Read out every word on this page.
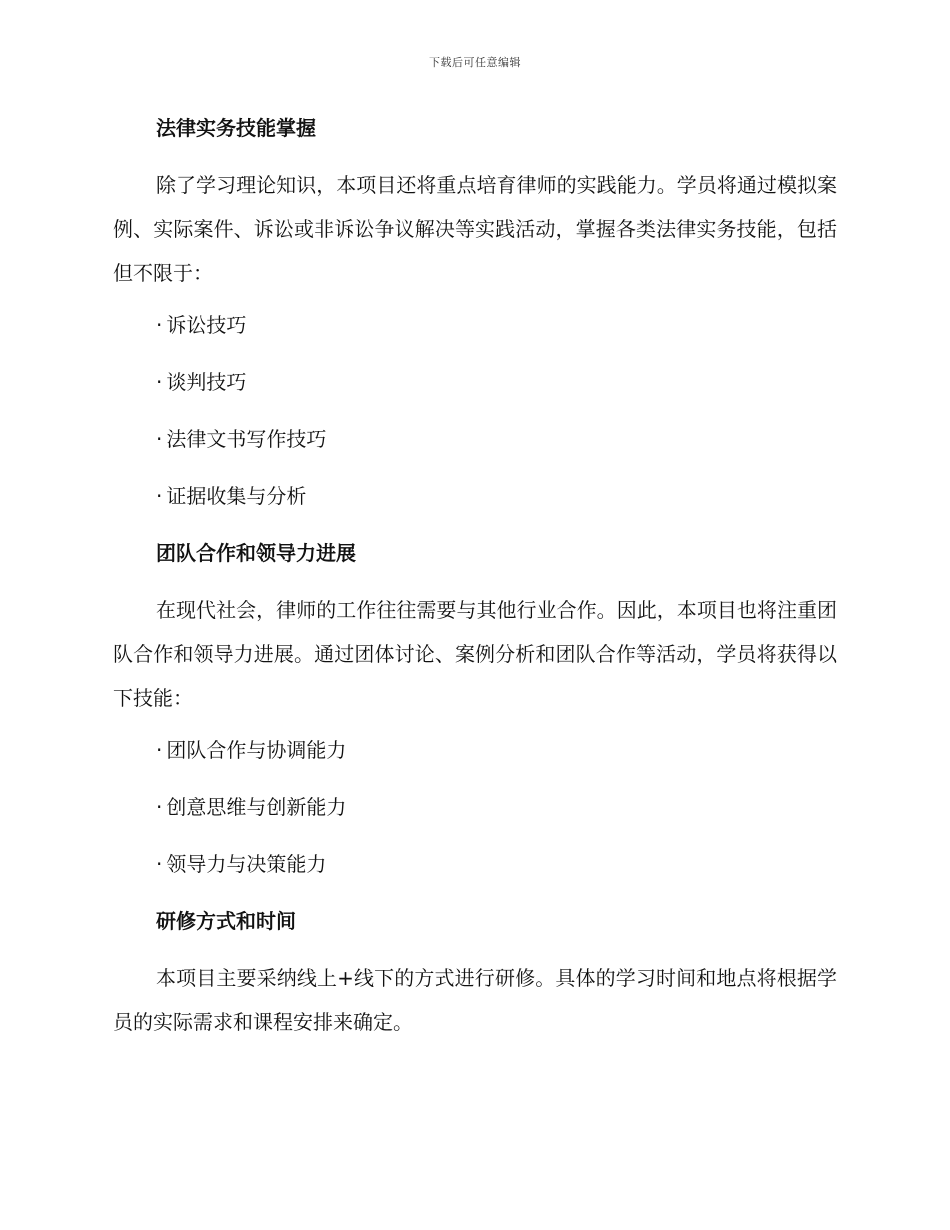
下载后可任意编辑
法律实务技能掌握
除了学习理论知识，本项目还将重点培育律师的实践能力。学员将通过模拟案例、实际案件、诉讼或非诉讼争议解决等实践活动，掌握各类法律实务技能，包括但不限于：
· 诉讼技巧
· 谈判技巧
· 法律文书写作技巧
· 证据收集与分析
团队合作和领导力进展
在现代社会，律师的工作往往需要与其他行业合作。因此，本项目也将注重团队合作和领导力进展。通过团体讨论、案例分析和团队合作等活动，学员将获得以下技能：
· 团队合作与协调能力
· 创意思维与创新能力
· 领导力与决策能力
研修方式和时间
本项目主要采纳线上+线下的方式进行研修。具体的学习时间和地点将根据学员的实际需求和课程安排来确定。
